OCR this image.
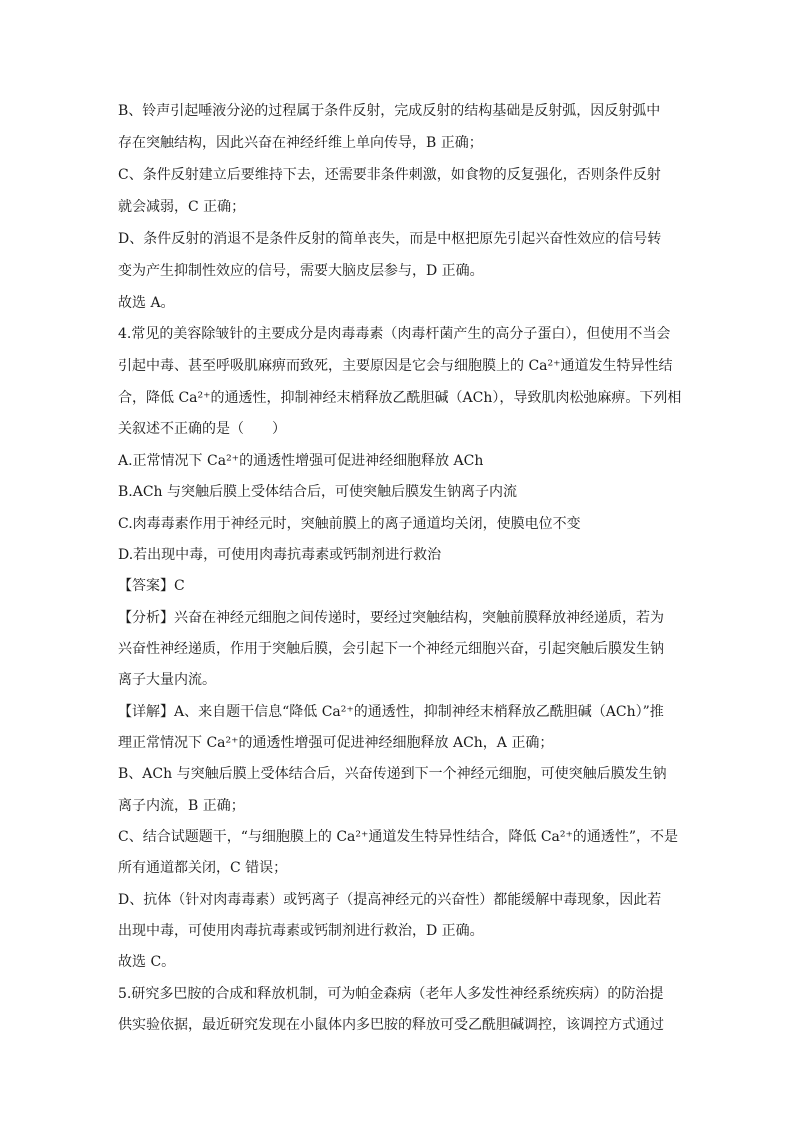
B、铃声引起唾液分泌的过程属于条件反射，完成反射的结构基础是反射弧，因反射弧中
存在突触结构，因此兴奋在神经纤维上单向传导，B 正确；
C、条件反射建立后要维持下去，还需要非条件刺激，如食物的反复强化，否则条件反射
就会减弱，C 正确；
D、条件反射的消退不是条件反射的简单丧失，而是中枢把原先引起兴奋性效应的信号转
变为产生抑制性效应的信号，需要大脑皮层参与，D 正确。
故选 A。
4.常见的美容除皱针的主要成分是肉毒毒素（肉毒杆菌产生的高分子蛋白），但使用不当会
引起中毒、甚至呼吸肌麻痹而致死，主要原因是它会与细胞膜上的 Ca²⁺通道发生特异性结
合，降低 Ca²⁺的通透性，抑制神经末梢释放乙酰胆碱（ACh），导致肌肉松弛麻痹。下列相
关叙述不正确的是（　　）
A.正常情况下 Ca²⁺的通透性增强可促进神经细胞释放 ACh
B.ACh 与突触后膜上受体结合后，可使突触后膜发生钠离子内流
C.肉毒毒素作用于神经元时，突触前膜上的离子通道均关闭，使膜电位不变
D.若出现中毒，可使用肉毒抗毒素或钙制剂进行救治
【答案】C
【分析】兴奋在神经元细胞之间传递时，要经过突触结构，突触前膜释放神经递质，若为
兴奋性神经递质，作用于突触后膜，会引起下一个神经元细胞兴奋，引起突触后膜发生钠
离子大量内流。
【详解】A、来自题干信息“降低 Ca²⁺的通透性，抑制神经末梢释放乙酰胆碱（ACh）”推
理正常情况下 Ca²⁺的通透性增强可促进神经细胞释放 ACh，A 正确；
B、ACh 与突触后膜上受体结合后，兴奋传递到下一个神经元细胞，可使突触后膜发生钠
离子内流，B 正确；
C、结合试题题干，“与细胞膜上的 Ca²⁺通道发生特异性结合，降低 Ca²⁺的通透性”，不是
所有通道都关闭，C 错误；
D、抗体（针对肉毒毒素）或钙离子（提高神经元的兴奋性）都能缓解中毒现象，因此若
出现中毒，可使用肉毒抗毒素或钙制剂进行救治，D 正确。
故选 C。
5.研究多巴胺的合成和释放机制，可为帕金森病（老年人多发性神经系统疾病）的防治提
供实验依据，最近研究发现在小鼠体内多巴胺的释放可受乙酰胆碱调控，该调控方式通过
